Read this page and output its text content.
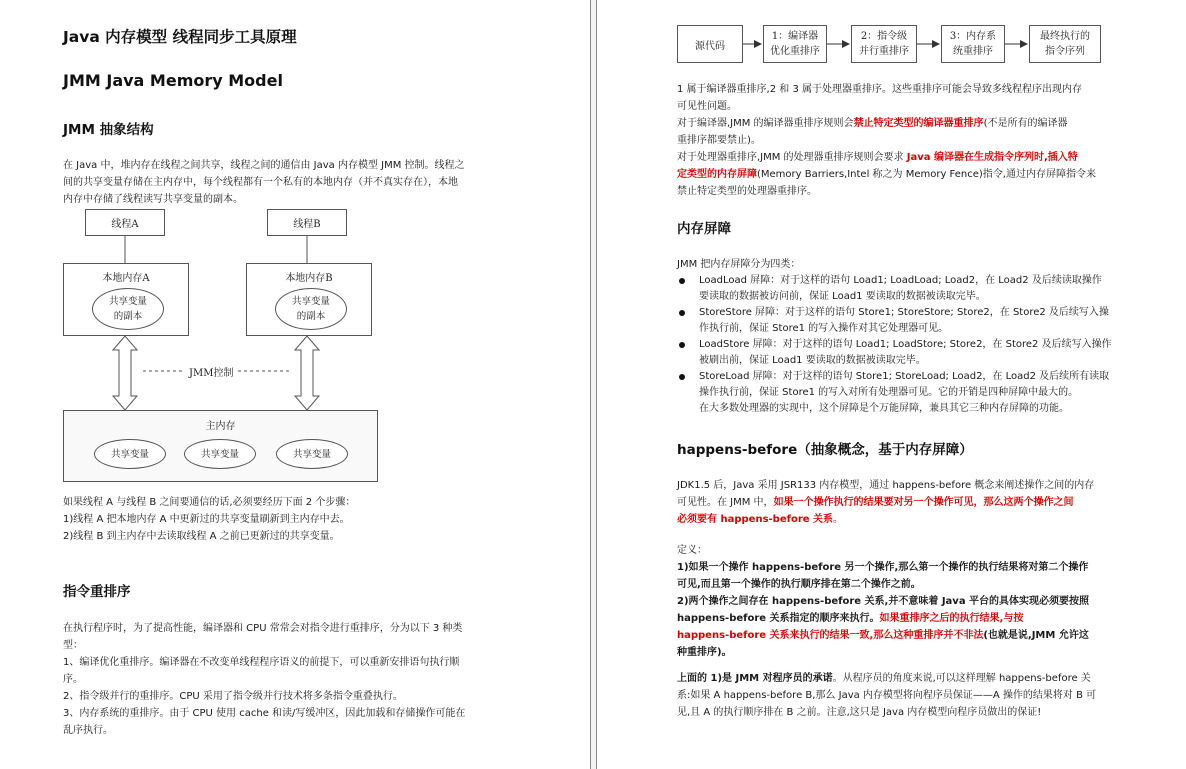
Java 内存模型 线程同步工具原理
JMM Java Memory Model
JMM 抽象结构
在 Java 中，堆内存在线程之间共享，线程之间的通信由 Java 内存模型 JMM 控制。线程之
间的共享变量存储在主内存中，每个线程都有一个私有的本地内存（并不真实存在），本地
内存中存储了线程读写共享变量的副本。
线程A	线程B
本地内存A
共享变量
的副本
本地内存B
共享变量
的副本
JMM控制
主内存
共享变量	共享变量	共享变量
如果线程 A 与线程 B 之间要通信的话,必须要经历下面 2 个步骤：
1)线程 A 把本地内存 A 中更新过的共享变量刷新到主内存中去。
2)线程 B 到主内存中去读取线程 A 之前已更新过的共享变量。
指令重排序
在执行程序时，为了提高性能，编译器和 CPU 常常会对指令进行重排序，分为以下 3 种类
型：
1、编译优化重排序。编译器在不改变单线程程序语义的前提下，可以重新安排语句执行顺
序。
2、指令级并行的重排序。CPU 采用了指令级并行技术将多条指令重叠执行。
3、内存系统的重排序。由于 CPU 使用 cache 和读/写缓冲区，因此加载和存储操作可能在
乱序执行。
源代码
1：编译器
优化重排序
2：指令级
并行重排序
3：内存系
统重排序
最终执行的
指令序列
1 属于编译器重排序,2 和 3 属于处理器重排序。这些重排序可能会导致多线程程序出现内存
可见性问题。
对于编译器,JMM 的编译器重排序规则会禁止特定类型的编译器重排序(不是所有的编译器
重排序都要禁止)。
对于处理器重排序,JMM 的处理器重排序规则会要求 Java 编译器在生成指令序列时,插入特
定类型的内存屏障(Memory Barriers,Intel 称之为 Memory Fence)指令,通过内存屏障指令来
禁止特定类型的处理器重排序。
内存屏障
JMM 把内存屏障分为四类：
LoadLoad 屏障：对于这样的语句 Load1; LoadLoad; Load2，在 Load2 及后续读取操作
要读取的数据被访问前，保证 Load1 要读取的数据被读取完毕。
StoreStore 屏障：对于这样的语句 Store1; StoreStore; Store2，在 Store2 及后续写入操
作执行前，保证 Store1 的写入操作对其它处理器可见。
LoadStore 屏障：对于这样的语句 Load1; LoadStore; Store2，在 Store2 及后续写入操作
被刷出前，保证 Load1 要读取的数据被读取完毕。
StoreLoad 屏障：对于这样的语句 Store1; StoreLoad; Load2，在 Load2 及后续所有读取
操作执行前，保证 Store1 的写入对所有处理器可见。它的开销是四种屏障中最大的。
在大多数处理器的实现中，这个屏障是个万能屏障，兼具其它三种内存屏障的功能。
happens-before（抽象概念，基于内存屏障）
JDK1.5 后，Java 采用 JSR133 内存模型，通过 happens-before 概念来阐述操作之间的内存
可见性。在 JMM 中，如果一个操作执行的结果要对另一个操作可见，那么这两个操作之间
必须要有 happens-before 关系。
定义：
1)如果一个操作 happens-before 另一个操作,那么第一个操作的执行结果将对第二个操作
可见,而且第一个操作的执行顺序排在第二个操作之前。
2)两个操作之间存在 happens-before 关系,并不意味着 Java 平台的具体实现必须要按照
happens-before 关系指定的顺序来执行。如果重排序之后的执行结果,与按
happens-before 关系来执行的结果一致,那么这种重排序并不非法(也就是说,JMM 允许这
种重排序)。
上面的 1)是 JMM 对程序员的承诺。从程序员的角度来说,可以这样理解 happens-before 关
系:如果 A happens-before B,那么 Java 内存模型将向程序员保证——A 操作的结果将对 B 可
见,且 A 的执行顺序排在 B 之前。注意,这只是 Java 内存模型向程序员做出的保证!
